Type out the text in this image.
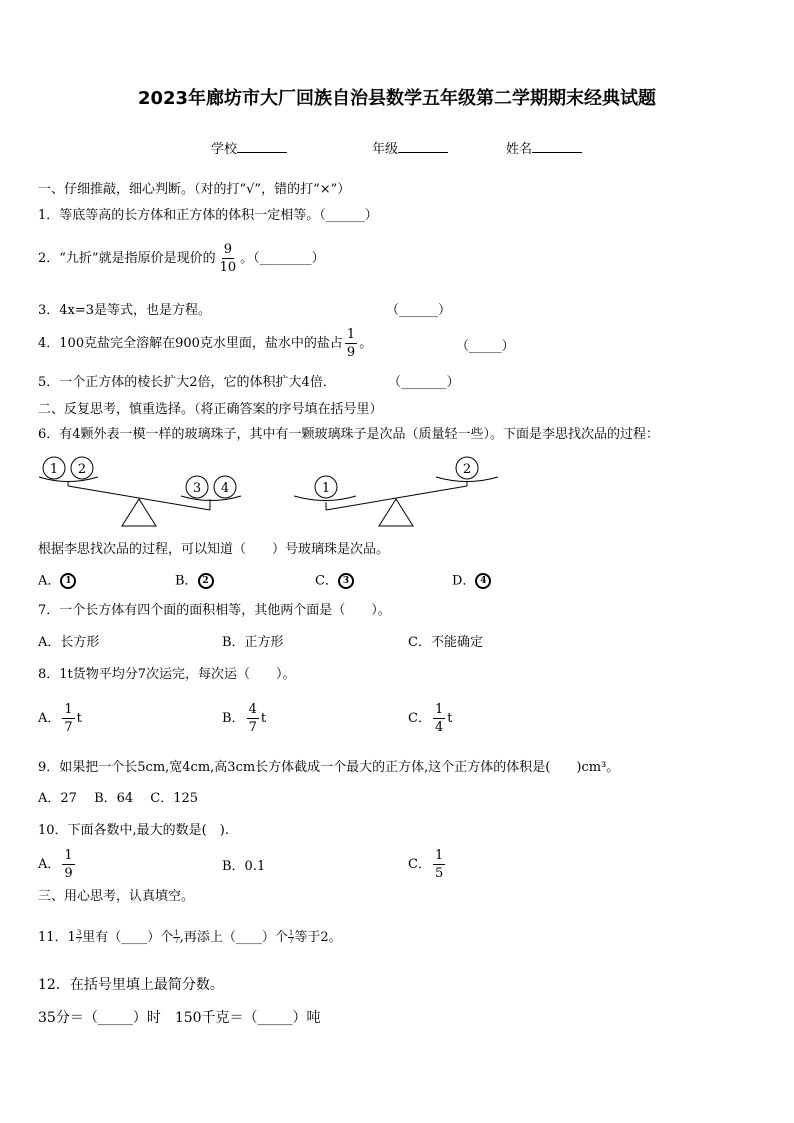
2023年廊坊市大厂回族自治县数学五年级第二学期期末经典试题
学校	年级	姓名
一、仔细推敲，细心判断。（对的打“√”，错的打“×”）
1．等底等高的长方体和正方体的体积一定相等。（______）
2．“九折”就是指原价是现价的 $\frac{9}{10}$ 。（________）
3．4x=3是等式，也是方程。	（______）
4．100克盐完全溶解在900克水里面，盐水中的盐占 $\frac{1}{9}$ 。	（_____）
5．一个正方体的棱长扩大2倍，它的体积扩大4倍．	（_______）
二、反复思考，慎重选择。（将正确答案的序号填在括号里）
6．有4颗外表一模一样的玻璃珠子，其中有一颗玻璃珠子是次品（质量轻一些）。下面是李思找次品的过程：
1 2
3 4	1
2
根据李思找次品的过程，可以知道（　　）号玻璃珠是次品。
A． 1	B． 2	C． 3	D． 4
7．一个长方体有四个面的面积相等，其他两个面是（　　）。
A．长方形	B．正方形	C．不能确定
8．1t货物平均分7次运完，每次运（　　）。
A． $\frac{1}{7}$ t	B． $\frac{4}{7}$ t	C． $\frac{1}{4}$ t
9．如果把一个长5cm,宽4cm,高3cm长方体截成一个最大的正方体,这个正方体的体积是(　　)cm³。
A．27　 B．64　 C．125
10．下面各数中,最大的数是(　).
A． $\frac{1}{9}$	B．0.1	C． $\frac{1}{5}$
三、用心思考，认真填空。
11．$1 \frac{3}{7}$ 里有（____）个 $\frac{1}{7}$ ,再添上（____）个 $\frac{1}{7}$ 等于2。
12．在括号里填上最简分数。
35分＝（_____）时　150千克＝（_____）吨
